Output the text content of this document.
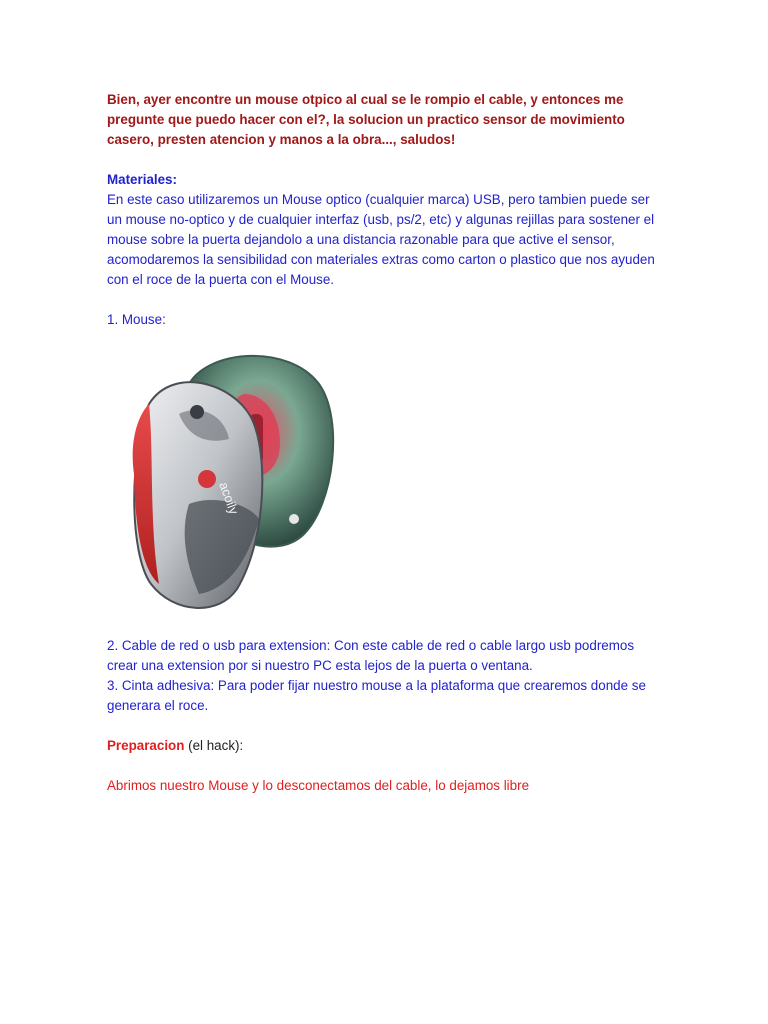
Bien, ayer encontre un mouse otpico al cual se le rompio el cable, y entonces me pregunte que puedo hacer con el?, la solucion un practico sensor de movimiento casero, presten atencion y manos a la obra..., saludos!

Materiales:

En este caso utilizaremos un Mouse optico (cualquier marca) USB, pero tambien puede ser un mouse no-optico y de cualquier interfaz (usb, ps/2, etc) y algunas rejillas para sostener el mouse sobre la puerta dejandolo a una distancia razonable para que active el sensor, acomodaremos la sensibilidad con materiales extras como carton o plastico que nos ayuden con el roce de la puerta con el Mouse.

1. Mouse:

acoily

2. Cable de red o usb para extension: Con este cable de red o cable largo usb podremos crear una extension por si nuestro PC esta lejos de la puerta o ventana.

3. Cinta adhesiva: Para poder fijar nuestro mouse a la plataforma que crearemos donde se generara el roce.

Preparacion (el hack):

Abrimos nuestro Mouse y lo desconectamos del cable, lo dejamos libre
